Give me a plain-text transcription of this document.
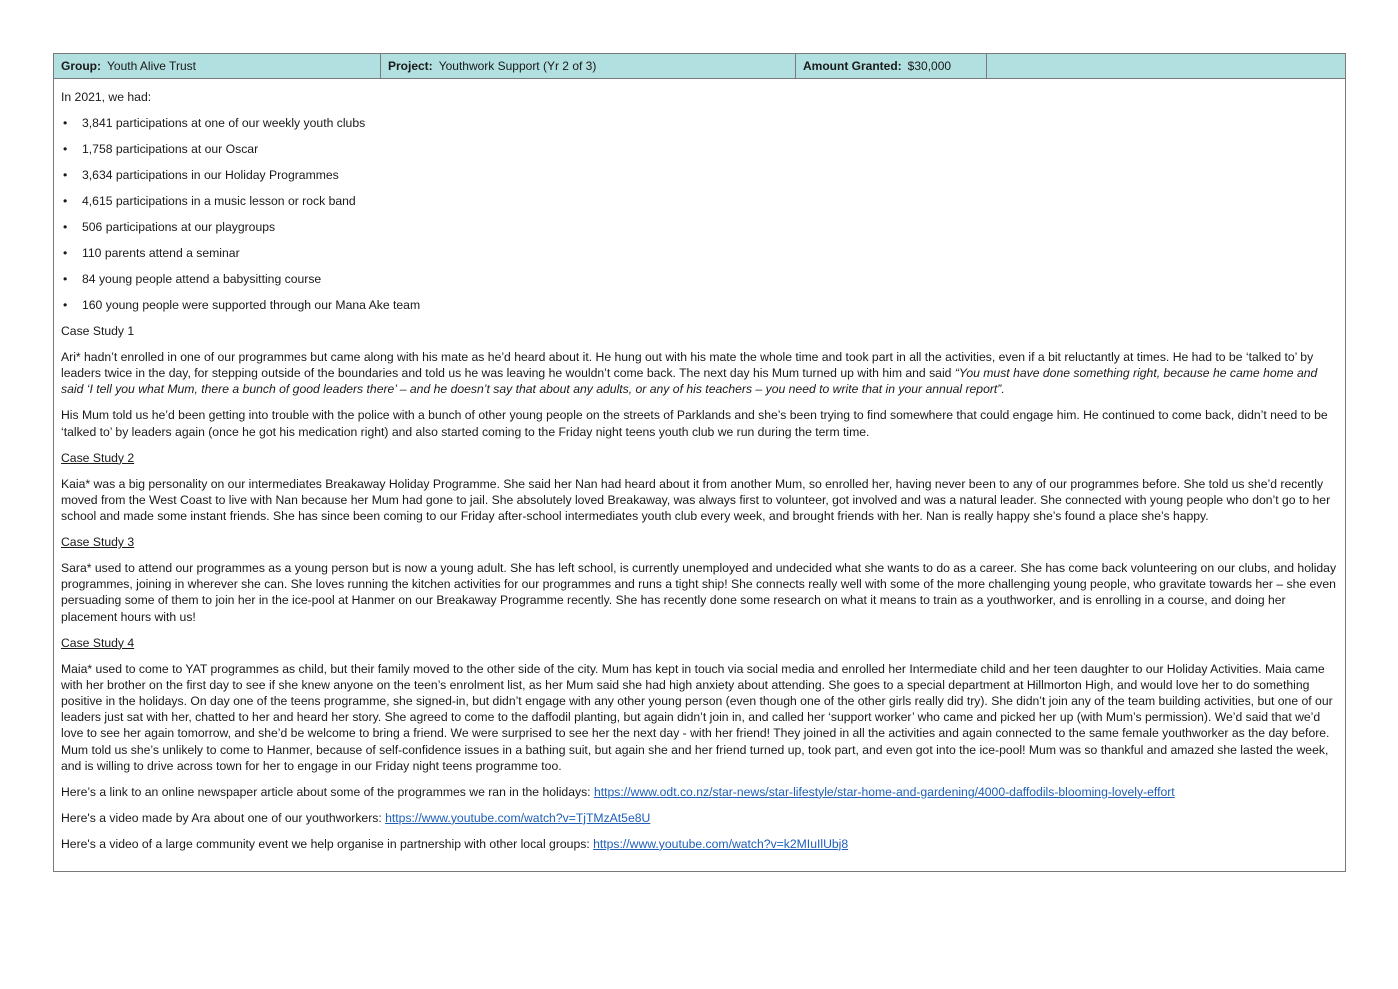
Group: Youth Alive Trust	Project: Youthwork Support (Yr 2 of 3)	Amount Granted: $30,000

In 2021, we had:

• 3,841 participations at one of our weekly youth clubs
• 1,758 participations at our Oscar
• 3,634 participations in our Holiday Programmes
• 4,615 participations in a music lesson or rock band
• 506 participations at our playgroups
• 110 parents attend a seminar
• 84 young people attend a babysitting course
• 160 young people were supported through our Mana Ake team

Case Study 1

Ari* hadn’t enrolled in one of our programmes but came along with his mate as he’d heard about it. He hung out with his mate the whole time and took part in all the activities, even if a bit reluctantly at times. He had to be ‘talked to’ by leaders twice in the day, for stepping outside of the boundaries and told us he was leaving he wouldn’t come back. The next day his Mum turned up with him and said “You must have done something right, because he came home and said ‘I tell you what Mum, there a bunch of good leaders there’ – and he doesn’t say that about any adults, or any of his teachers – you need to write that in your annual report”.

His Mum told us he’d been getting into trouble with the police with a bunch of other young people on the streets of Parklands and she’s been trying to find somewhere that could engage him. He continued to come back, didn’t need to be ‘talked to’ by leaders again (once he got his medication right) and also started coming to the Friday night teens youth club we run during the term time.

Case Study 2

Kaia* was a big personality on our intermediates Breakaway Holiday Programme. She said her Nan had heard about it from another Mum, so enrolled her, having never been to any of our programmes before. She told us she’d recently moved from the West Coast to live with Nan because her Mum had gone to jail. She absolutely loved Breakaway, was always first to volunteer, got involved and was a natural leader. She connected with young people who don’t go to her school and made some instant friends. She has since been coming to our Friday after-school intermediates youth club every week, and brought friends with her. Nan is really happy she’s found a place she’s happy.

Case Study 3

Sara* used to attend our programmes as a young person but is now a young adult. She has left school, is currently unemployed and undecided what she wants to do as a career. She has come back volunteering on our clubs, and holiday programmes, joining in wherever she can. She loves running the kitchen activities for our programmes and runs a tight ship! She connects really well with some of the more challenging young people, who gravitate towards her – she even persuading some of them to join her in the ice-pool at Hanmer on our Breakaway Programme recently. She has recently done some research on what it means to train as a youthworker, and is enrolling in a course, and doing her placement hours with us!

Case Study 4

Maia* used to come to YAT programmes as child, but their family moved to the other side of the city. Mum has kept in touch via social media and enrolled her Intermediate child and her teen daughter to our Holiday Activities. Maia came with her brother on the first day to see if she knew anyone on the teen’s enrolment list, as her Mum said she had high anxiety about attending. She goes to a special department at Hillmorton High, and would love her to do something positive in the holidays. On day one of the teens programme, she signed-in, but didn’t engage with any other young person (even though one of the other girls really did try). She didn’t join any of the team building activities, but one of our leaders just sat with her, chatted to her and heard her story. She agreed to come to the daffodil planting, but again didn’t join in, and called her ‘support worker’ who came and picked her up (with Mum’s permission). We’d said that we’d love to see her again tomorrow, and she’d be welcome to bring a friend. We were surprised to see her the next day - with her friend! They joined in all the activities and again connected to the same female youthworker as the day before. Mum told us she’s unlikely to come to Hanmer, because of self-confidence issues in a bathing suit, but again she and her friend turned up, took part, and even got into the ice-pool! Mum was so thankful and amazed she lasted the week, and is willing to drive across town for her to engage in our Friday night teens programme too.

Here’s a link to an online newspaper article about some of the programmes we ran in the holidays: https://www.odt.co.nz/star-news/star-lifestyle/star-home-and-gardening/4000-daffodils-blooming-lovely-effort

Here's a video made by Ara about one of our youthworkers: https://www.youtube.com/watch?v=TjTMzAt5e8U

Here's a video of a large community event we help organise in partnership with other local groups: https://www.youtube.com/watch?v=k2MIuIlUbj8
